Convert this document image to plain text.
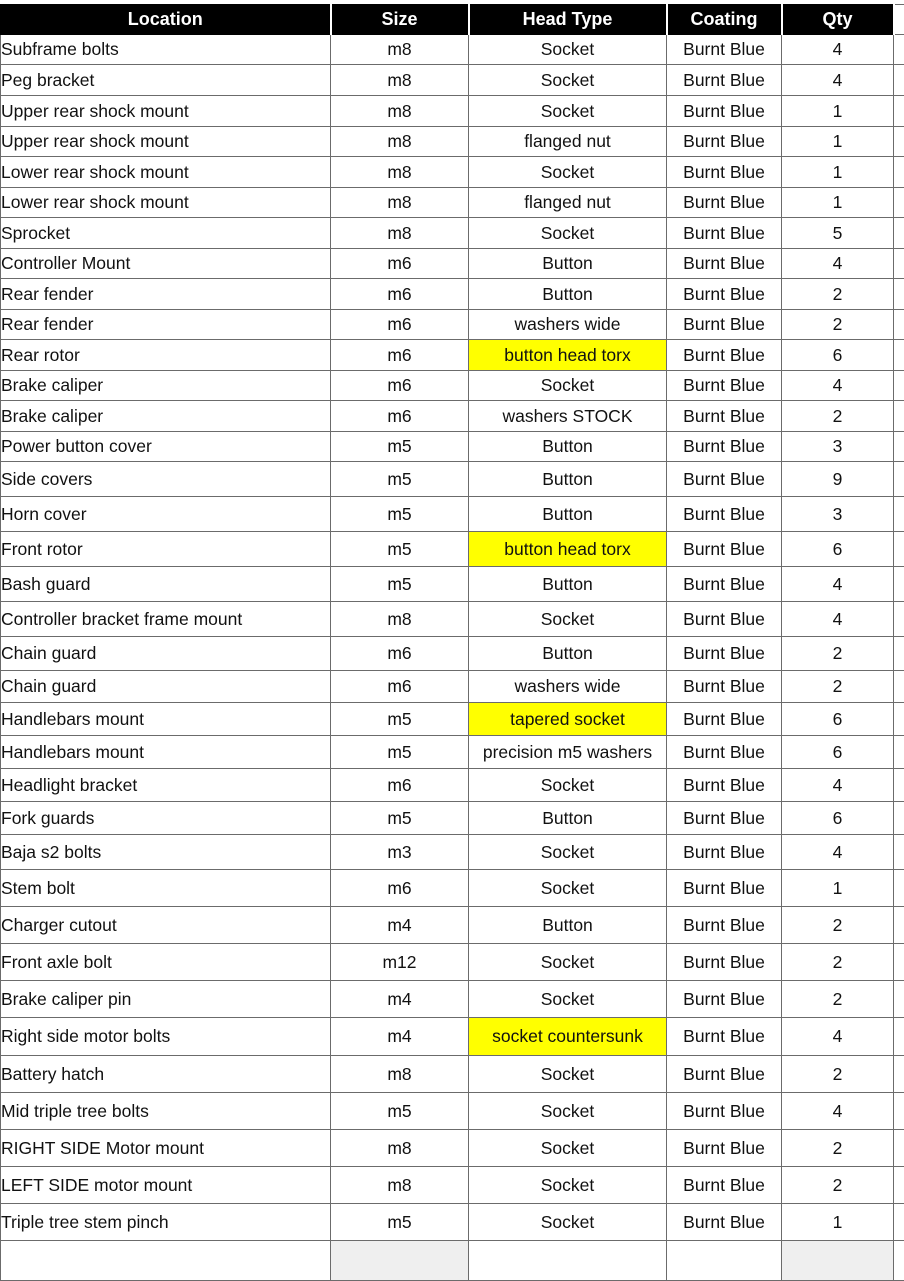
Location	Size	Head Type	Coating	Qty	
Subframe bolts	m8	Socket	Burnt Blue	4	
Peg bracket	m8	Socket	Burnt Blue	4	
Upper rear shock mount	m8	Socket	Burnt Blue	1	
Upper rear shock mount	m8	flanged nut	Burnt Blue	1	
Lower rear shock mount	m8	Socket	Burnt Blue	1	
Lower rear shock mount	m8	flanged nut	Burnt Blue	1	
Sprocket	m8	Socket	Burnt Blue	5	
Controller Mount	m6	Button	Burnt Blue	4	
Rear fender	m6	Button	Burnt Blue	2	
Rear fender	m6	washers wide	Burnt Blue	2	
Rear rotor	m6	button head torx	Burnt Blue	6	
Brake caliper	m6	Socket	Burnt Blue	4	
Brake caliper	m6	washers STOCK	Burnt Blue	2	
Power button cover	m5	Button	Burnt Blue	3	
Side covers	m5	Button	Burnt Blue	9	
Horn cover	m5	Button	Burnt Blue	3	
Front rotor	m5	button head torx	Burnt Blue	6	
Bash guard	m5	Button	Burnt Blue	4	
Controller bracket frame mount	m8	Socket	Burnt Blue	4	
Chain guard	m6	Button	Burnt Blue	2	
Chain guard	m6	washers wide	Burnt Blue	2	
Handlebars mount	m5	tapered socket	Burnt Blue	6	
Handlebars mount	m5	precision m5 washers	Burnt Blue	6	
Headlight bracket	m6	Socket	Burnt Blue	4	
Fork guards	m5	Button	Burnt Blue	6	
Baja s2 bolts	m3	Socket	Burnt Blue	4	
Stem bolt	m6	Socket	Burnt Blue	1	
Charger cutout	m4	Button	Burnt Blue	2	
Front axle bolt	m12	Socket	Burnt Blue	2	
Brake caliper pin	m4	Socket	Burnt Blue	2	
Right side motor bolts	m4	socket countersunk	Burnt Blue	4	
Battery hatch	m8	Socket	Burnt Blue	2	
Mid triple tree bolts	m5	Socket	Burnt Blue	4	
RIGHT SIDE Motor mount	m8	Socket	Burnt Blue	2	
LEFT SIDE motor mount	m8	Socket	Burnt Blue	2	
Triple tree stem pinch	m5	Socket	Burnt Blue	1	
